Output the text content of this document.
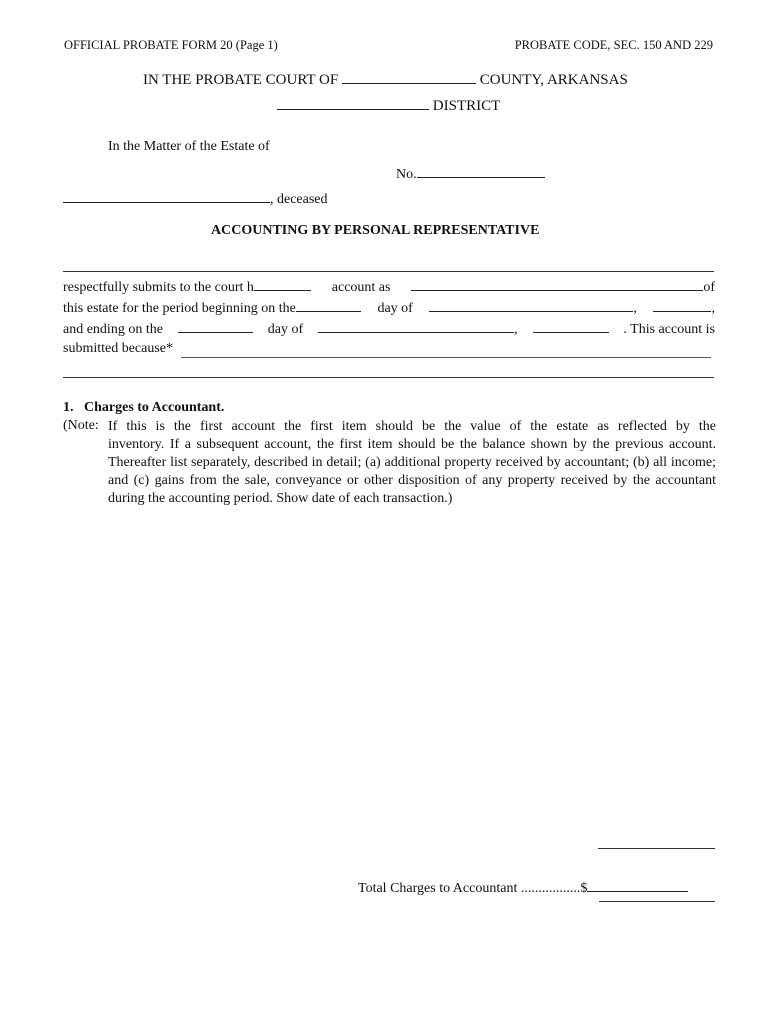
OFFICIAL PROBATE FORM 20 (Page 1)	PROBATE CODE, SEC. 150 AND 229
IN THE PROBATE COURT OF	COUNTY, ARKANSAS
DISTRICT
In the Matter of the Estate of
No.
, deceased
ACCOUNTING BY PERSONAL REPRESENTATIVE
respectfully submits to the court h	account as	of
this estate for the period beginning on the	day of	,	,
and ending on the	day of	,	. This account is
submitted because*
1. Charges to Accountant.
(Note: If this is the first account the first item should be the value of the estate as reflected by the
inventory. If a subsequent account, the first item should be the balance shown by the previous account. Thereafter list separately, described in detail; (a) additional property received by accountant; (b) all income; and (c) gains from the sale, conveyance or other disposition of any property received by the accountant during the accounting period. Show date of each transaction.)
Total Charges to Accountant .................$
